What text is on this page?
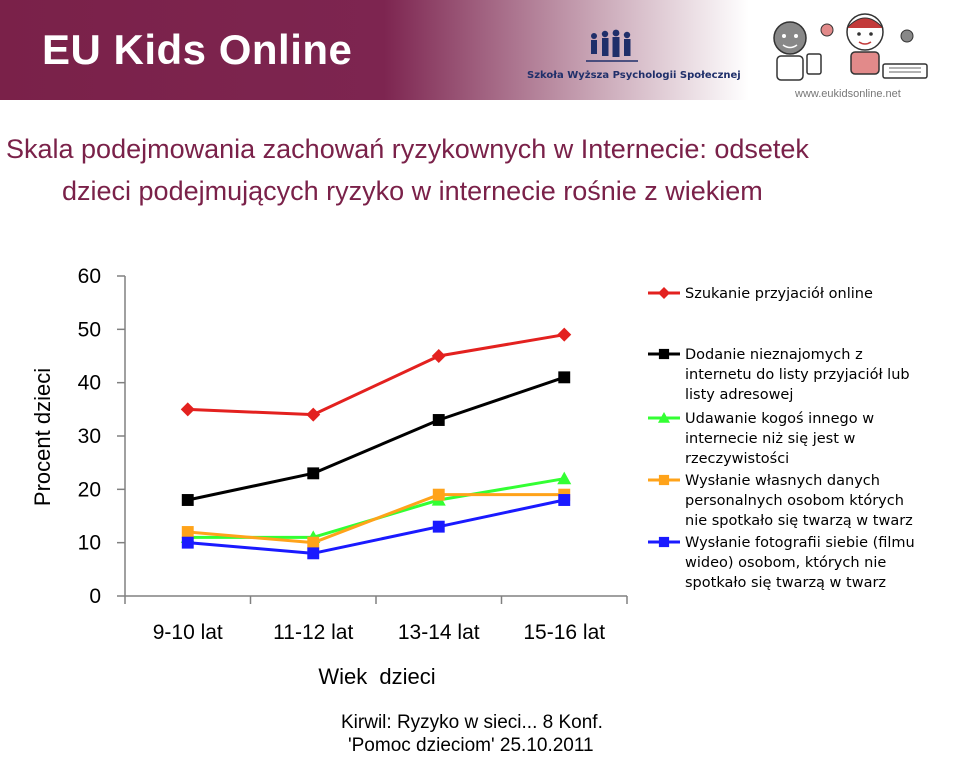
EU Kids Online
Szkoła Wyższa Psychologii Społecznej
www.eukidsonline.net
Skala podejmowania zachowań ryzykownych w Internecie: odsetek
dzieci podejmujących ryzyko w internecie rośnie z wiekiem
Procent dzieci
0
10
20
30
40
50
60
9-10 lat 11-12 lat 13-14 lat 15-16 lat
Wiek  dzieci
Szukanie przyjaciół online
Dodanie nieznajomych z
internetu do listy przyjaciół lub
listy adresowej
Udawanie kogoś innego w
internecie niż się jest w
rzeczywistości
Wysłanie własnych danych
personalnych osobom których
nie spotkało się twarzą w twarz
Wysłanie fotografii siebie (filmu
wideo) osobom, których nie
spotkało się twarzą w twarz
Kirwil: Ryzyko w sieci... 8 Konf.
'Pomoc dzieciom' 25.10.2011
